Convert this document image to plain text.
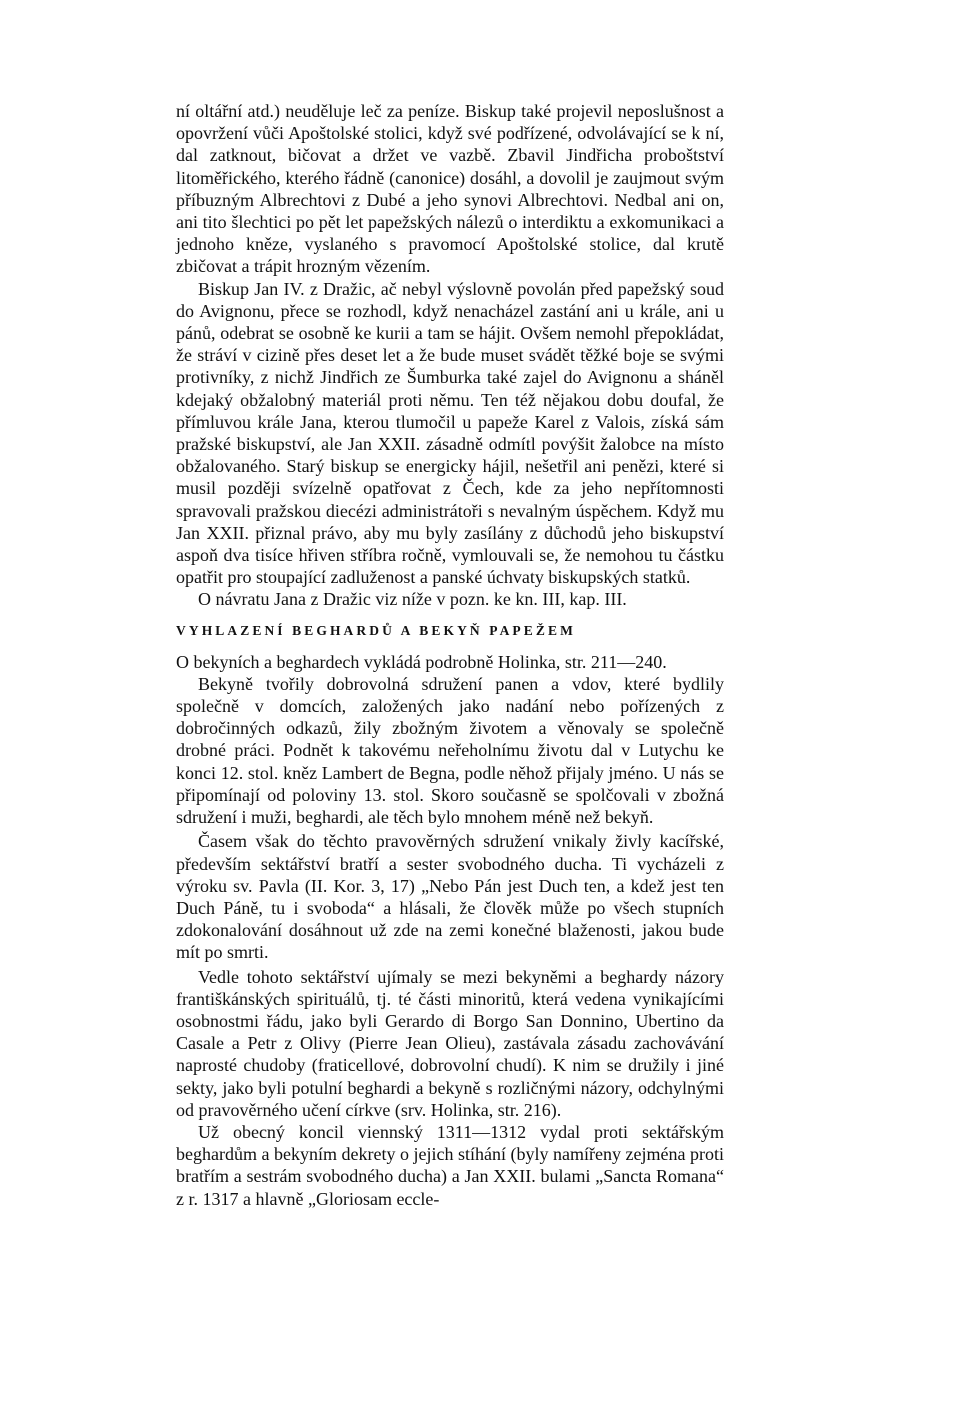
ní oltářní atd.) neuděluje leč za peníze. Biskup také projevil neposlušnost a opovržení vůči Apoštolské stolici, když své podřízené, odvolávající se k ní, dal zatknout, bičovat a držet ve vazbě. Zbavil Jindřicha proboštství litoměřického, kterého řádně (canonice) dosáhl, a dovolil je zaujmout svým příbuzným Albrechtovi z Dubé a jeho synovi Albrechtovi. Nedbal ani on, ani tito šlechtici po pět let papežských nálezů o interdiktu a exkomunikaci a jednoho kněze, vyslaného s pravomocí Apoštolské stolice, dal krutě zbičovat a trápit hrozným vězením.

Biskup Jan IV. z Dražic, ač nebyl výslovně povolán před papežský soud do Avignonu, přece se rozhodl, když nenacházel zastání ani u krále, ani u pánů, odebrat se osobně ke kurii a tam se hájit. Ovšem nemohl přepokládat, že stráví v cizině přes deset let a že bude muset svádět těžké boje se svými protivníky, z nichž Jindřich ze Šumburka také zajel do Avignonu a sháněl kdejaký obžalobný materiál proti němu. Ten též nějakou dobu doufal, že přímluvou krále Jana, kterou tlumočil u papeže Karel z Valois, získá sám pražské biskupství, ale Jan XXII. zásadně odmítl povýšit žalobce na místo obžalovaného. Starý biskup se energicky hájil, nešetřil ani penězi, které si musil později svízelně opatřovat z Čech, kde za jeho nepřítomnosti spravovali pražskou diecézi administrátoři s nevalným úspěchem. Když mu Jan XXII. přiznal právo, aby mu byly zasílány z důchodů jeho biskupství aspoň dva tisíce hřiven stříbra ročně, vymlouvali se, že nemohou tu částku opatřit pro stoupající zadluženost a panské úchvaty biskupských statků.

O návratu Jana z Dražic viz níže v pozn. ke kn. III, kap. III.

VYHLAZENÍ BEGHARDŮ A BEKYŇ PAPEŽEM

O bekyních a beghardech vykládá podrobně Holinka, str. 211—240.

Bekyně tvořily dobrovolná sdružení panen a vdov, které bydlily společně v domcích, založených jako nadání nebo pořízených z dobročinných odkazů, žily zbožným životem a věnovaly se společně drobné práci. Podnět k takovému neřeholnímu životu dal v Lutychu ke konci 12. stol. kněz Lambert de Begna, podle něhož přijaly jméno. U nás se připomínají od poloviny 13. stol. Skoro současně se spolčovali v zbožná sdružení i muži, beghardi, ale těch bylo mnohem méně než bekyň.

Časem však do těchto pravověrných sdružení vnikaly živly kacířské, především sektářství bratří a sester svobodného ducha. Ti vycházeli z výroku sv. Pavla (II. Kor. 3, 17) „Nebo Pán jest Duch ten, a kdež jest ten Duch Páně, tu i svoboda“ a hlásali, že člověk může po všech stupních zdokonalování dosáhnout už zde na zemi konečné blaženosti, jakou bude mít po smrti.

Vedle tohoto sektářství ujímaly se mezi bekyněmi a beghardy názory františkánských spirituálů, tj. té části minoritů, která vedena vynikajícími osobnostmi řádu, jako byli Gerardo di Borgo San Donnino, Ubertino da Casale a Petr z Olivy (Pierre Jean Olieu), zastávala zásadu zachovávání naprosté chudoby (fraticellové, dobrovolní chudí). K nim se družily i jiné sekty, jako byli potulní beghardi a bekyně s rozličnými názory, odchylnými od pravověrného učení církve (srv. Holinka, str. 216).

Už obecný koncil viennský 1311—1312 vydal proti sektářským beghardům a bekyním dekrety o jejich stíhání (byly namířeny zejména proti bratřím a sestrám svobodného ducha) a Jan XXII. bulami „Sancta Romana“ z r. 1317 a hlavně „Gloriosam eccle-
